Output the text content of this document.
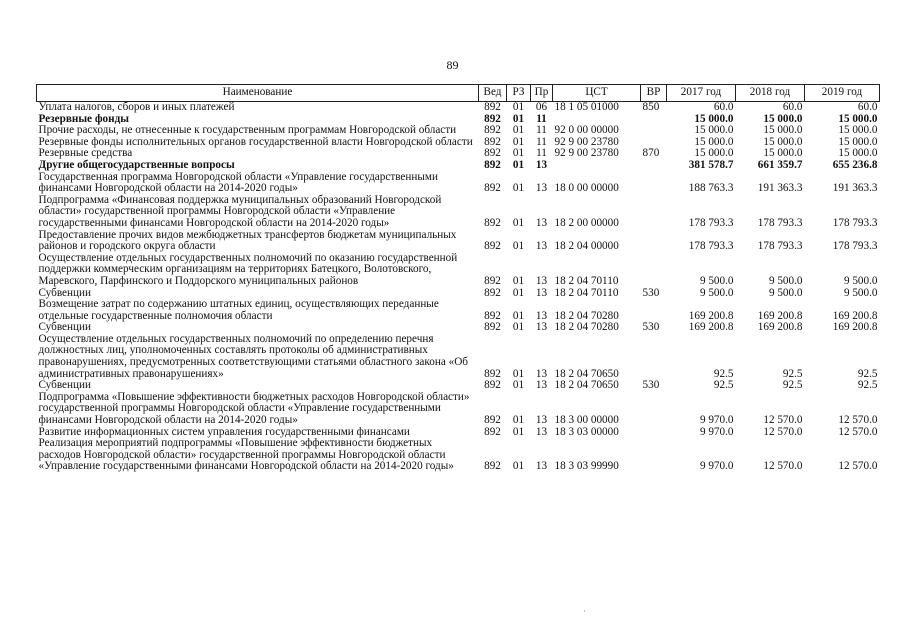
89
Наименование	Вед	РЗ	Пр	ЦСТ	ВР	2017 год	2018 год	2019 год
Уплата налогов, сборов и иных платежей	892	01	06	18 1 05 01000	850	60.0	60.0	60.0
Резервные фонды	892	01	11			15 000.0	15 000.0	15 000.0
Прочие расходы, не отнесенные к государственным программам Новгородской области	892	01	11	92 0 00 00000		15 000.0	15 000.0	15 000.0
Резервные фонды исполнительных органов государственной власти Новгородской области	892	01	11	92 9 00 23780		15 000.0	15 000.0	15 000.0
Резервные средства	892	01	11	92 9 00 23780	870	15 000.0	15 000.0	15 000.0
Другие общегосударственные вопросы	892	01	13			381 578.7	661 359.7	655 236.8
Государственная программа Новгородской области «Управление государственными финансами Новгородской области на 2014-2020 годы»	892	01	13	18 0 00 00000		188 763.3	191 363.3	191 363.3
Подпрограмма «Финансовая поддержка муниципальных образований Новгородской области» государственной программы Новгородской области «Управление государственными финансами Новгородской области на 2014-2020 годы»	892	01	13	18 2 00 00000		178 793.3	178 793.3	178 793.3
Предоставление прочих видов межбюджетных трансфертов бюджетам муниципальных районов и городского округа области	892	01	13	18 2 04 00000		178 793.3	178 793.3	178 793.3
Осуществление отдельных государственных полномочий по оказанию государственной поддержки коммерческим организациям на территориях Батецкого, Волотовского, Маревского, Парфинского и Поддорского муниципальных районов	892	01	13	18 2 04 70110		9 500.0	9 500.0	9 500.0
Субвенции	892	01	13	18 2 04 70110	530	9 500.0	9 500.0	9 500.0
Возмещение затрат по содержанию штатных единиц, осуществляющих переданные отдельные государственные полномочия области	892	01	13	18 2 04 70280		169 200.8	169 200.8	169 200.8
Субвенции	892	01	13	18 2 04 70280	530	169 200.8	169 200.8	169 200.8
Осуществление отдельных государственных полномочий по определению перечня должностных лиц, уполномоченных составлять протоколы об административных правонарушениях, предусмотренных соответствующими статьями областного закона «Об административных правонарушениях»	892	01	13	18 2 04 70650		92.5	92.5	92.5
Субвенции	892	01	13	18 2 04 70650	530	92.5	92.5	92.5
Подпрограмма «Повышение эффективности бюджетных расходов Новгородской области» государственной программы Новгородской области «Управление государственными финансами Новгородской области на 2014-2020 годы»	892	01	13	18 3 00 00000		9 970.0	12 570.0	12 570.0
Развитие информационных систем управления государственными финансами	892	01	13	18 3 03 00000		9 970.0	12 570.0	12 570.0
Реализация мероприятий подпрограммы «Повышение эффективности бюджетных расходов Новгородской области» государственной программы Новгородской области «Управление государственными финансами Новгородской области на 2014-2020 годы»	892	01	13	18 3 03 99990		9 970.0	12 570.0	12 570.0
·
